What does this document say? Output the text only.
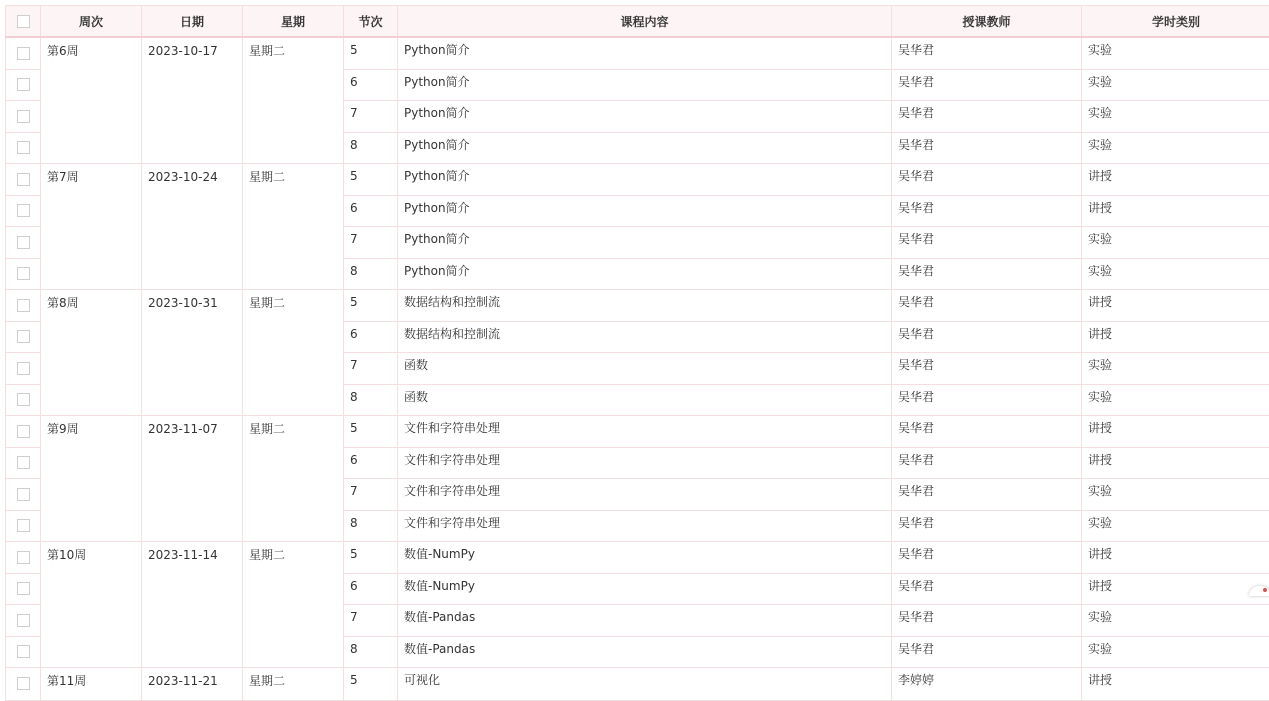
	周次	日期	星期	节次	课程内容	授课教师	学时类别
	第6周	2023-10-17	星期二	5	Python简介	吴华君	实验
				6	Python简介	吴华君	实验
				7	Python简介	吴华君	实验
				8	Python简介	吴华君	实验
	第7周	2023-10-24	星期二	5	Python简介	吴华君	讲授
				6	Python简介	吴华君	讲授
				7	Python简介	吴华君	实验
				8	Python简介	吴华君	实验
	第8周	2023-10-31	星期二	5	数据结构和控制流	吴华君	讲授
				6	数据结构和控制流	吴华君	讲授
				7	函数	吴华君	实验
				8	函数	吴华君	实验
	第9周	2023-11-07	星期二	5	文件和字符串处理	吴华君	讲授
				6	文件和字符串处理	吴华君	讲授
				7	文件和字符串处理	吴华君	实验
				8	文件和字符串处理	吴华君	实验
	第10周	2023-11-14	星期二	5	数值-NumPy	吴华君	讲授
				6	数值-NumPy	吴华君	讲授
				7	数值-Pandas	吴华君	实验
				8	数值-Pandas	吴华君	实验
	第11周	2023-11-21	星期二	5	可视化	李婷婷	讲授
